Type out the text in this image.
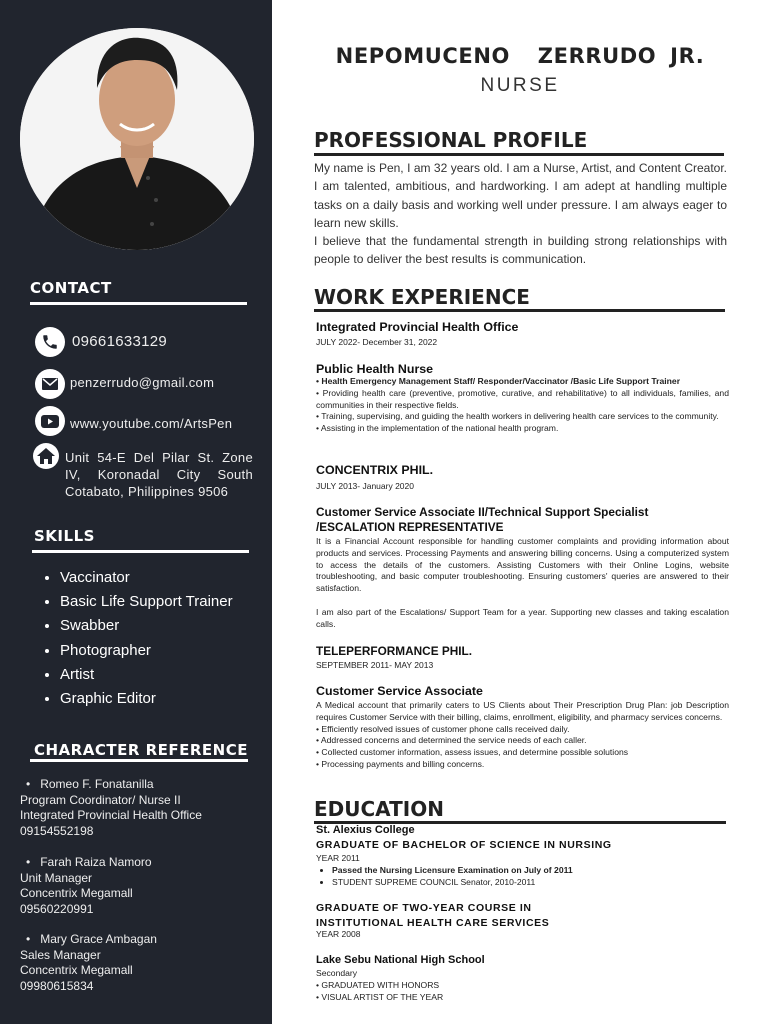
CONTACT
09661633129
penzerrudo@gmail.com
www.youtube.com/ArtsPen
Unit 54-E Del Pilar St. Zone
IV, Koronadal City South
Cotabato, Philippines 9506
SKILLS
• Vaccinator
• Basic Life Support Trainer
• Swabber
• Photographer
• Artist
• Graphic Editor
CHARACTER REFERENCE
•   Romeo F. Fonatanilla
Program Coordinator/ Nurse II
Integrated Provincial Health Office
09154552198
•   Farah Raiza Namoro
Unit Manager
Concentrix Megamall
09560220991
•   Mary Grace Ambagan
Sales Manager
Concentrix Megamall
09980615834
NEPOMUCENO  ZERRUDO JR.
NURSE
PROFESSIONAL PROFILE
My name is Pen, I am 32 years old. I am a Nurse, Artist, and Content Creator. I am talented, ambitious, and hardworking. I am adept at handling multiple tasks on a daily basis and working well under pressure. I am always eager to learn new skills.
I believe that the fundamental strength in building strong relationships with people to deliver the best results is communication.
WORK EXPERIENCE
Integrated Provincial Health Office
JULY 2022- December 31, 2022
Public Health Nurse
• Health Emergency Management Staff/ Responder/Vaccinator /Basic Life Support Trainer
• Providing health care (preventive, promotive, curative, and rehabilitative) to all individuals, families, and communities in their respective fields.
• Training, supervising, and guiding the health workers in delivering health care services to the community.
• Assisting in the implementation of the national health program.
CONCENTRIX PHIL.
JULY 2013- January 2020
Customer Service Associate II/Technical Support Specialist
/ESCALATION REPRESENTATIVE
It is a Financial Account responsible for handling customer complaints and providing information about products and services. Processing Payments and answering billing concerns. Using a computerized system to access the details of the customers. Assisting Customers with their Online Logins, website troubleshooting, and basic computer troubleshooting. Ensuring customers' queries are answered to their satisfaction.
I am also part of the Escalations/ Support Team for a year. Supporting new classes and taking escalation calls.
TELEPERFORMANCE PHIL.
SEPTEMBER 2011- MAY 2013
Customer Service Associate
A Medical account that primarily caters to US Clients about Their Prescription Drug Plan: job Description requires Customer Service with their billing, claims, enrollment, eligibility, and pharmacy services concerns.
• Efficiently resolved issues of customer phone calls received daily.
• Addressed concerns and determined the service needs of each caller.
• Collected customer information, assess issues, and determine possible solutions
• Processing payments and billing concerns.
EDUCATION
St. Alexius College
GRADUATE OF BACHELOR OF SCIENCE IN NURSING
YEAR 2011
• Passed the Nursing Licensure Examination on July of 2011
• STUDENT SUPREME COUNCIL Senator, 2010-2011
GRADUATE OF TWO-YEAR COURSE IN
INSTITUTIONAL HEALTH CARE SERVICES
YEAR 2008
Lake Sebu National High School
Secondary
• GRADUATED WITH HONORS
• VISUAL ARTIST OF THE YEAR
